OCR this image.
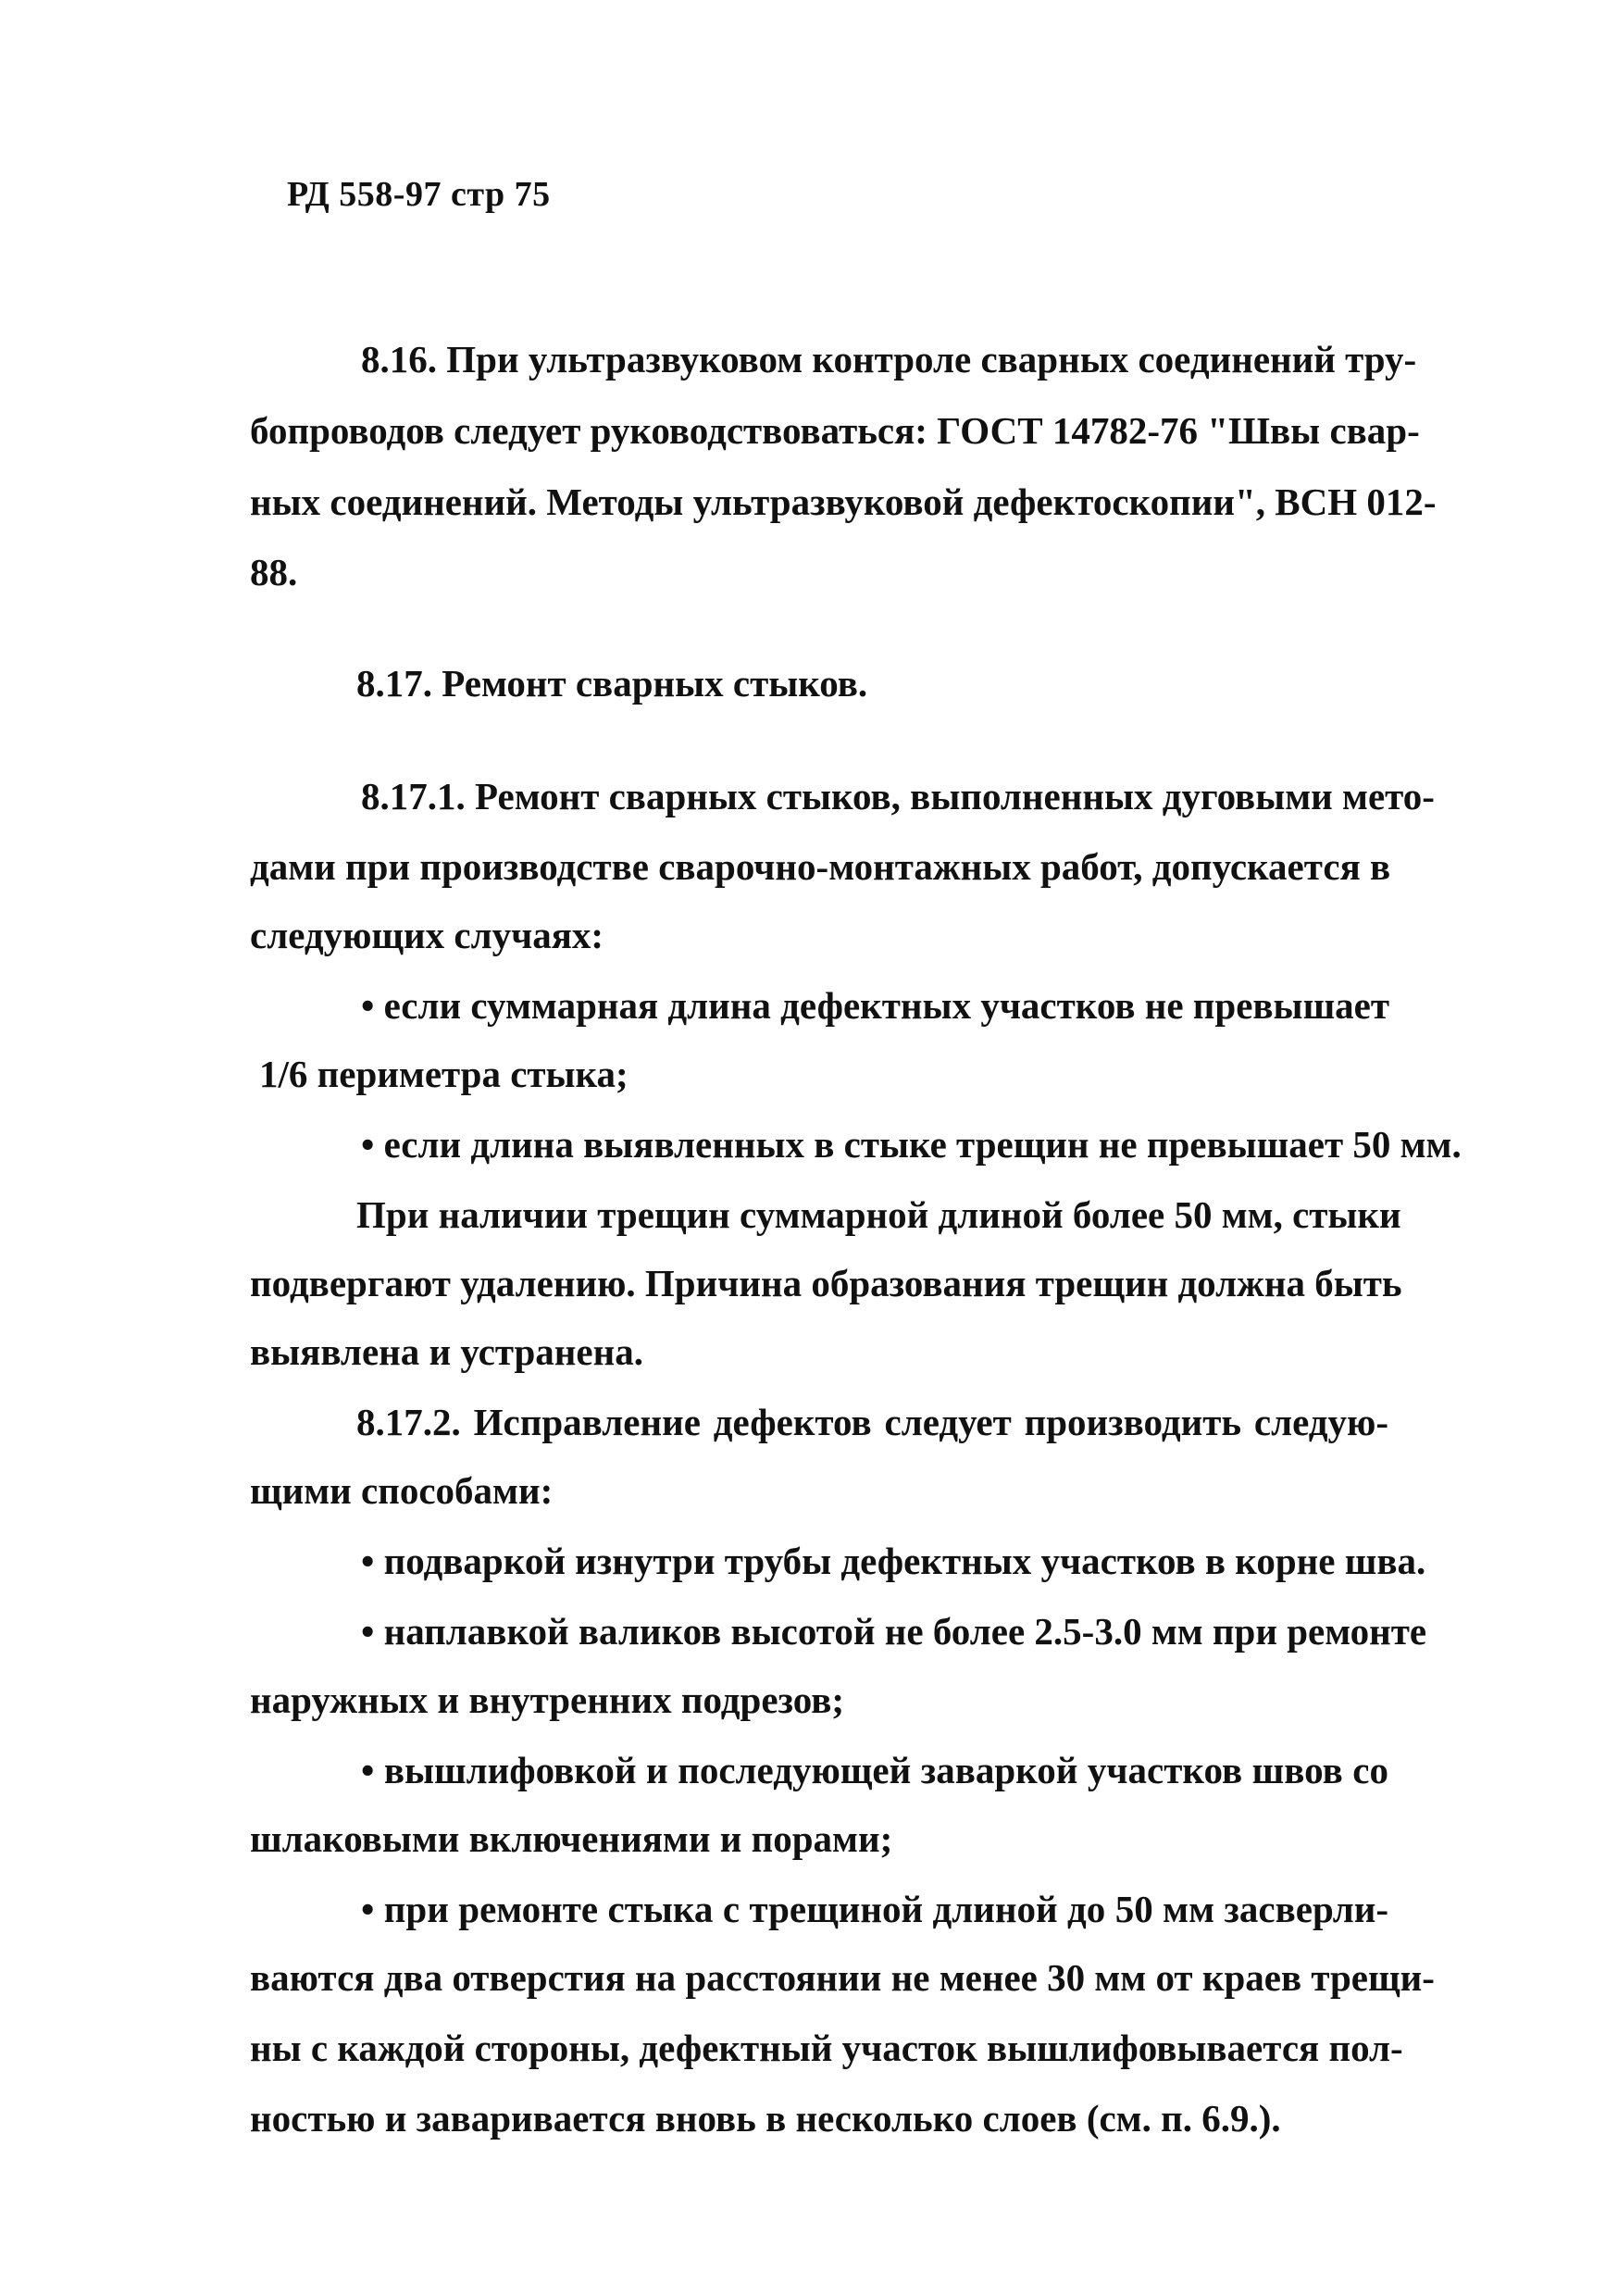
РД 558-97 стр 75
8.16. При ультразвуковом контроле сварных соединений тру-
бопроводов следует руководствоваться: ГОСТ 14782-76 "Швы свар-
ных соединений. Методы ультразвуковой дефектоскопии", ВСН 012-
88.
8.17. Ремонт сварных стыков.
8.17.1. Ремонт сварных стыков, выполненных дуговыми мето-
дами при производстве сварочно-монтажных работ, допускается в
следующих случаях:
• если суммарная длина дефектных участков не превышает
1/6 периметра стыка;
• если длина выявленных в стыке трещин не превышает 50 мм.
При наличии трещин суммарной длиной более 50 мм, стыки
подвергают удалению. Причина образования трещин должна быть
выявлена и устранена.
8.17.2. Исправление дефектов следует производить следую-
щими способами:
• подваркой изнутри трубы дефектных участков в корне шва.
• наплавкой валиков высотой не более 2.5-3.0 мм при ремонте
наружных и внутренних подрезов;
• вышлифовкой и последующей заваркой участков швов со
шлаковыми включениями и порами;
• при ремонте стыка с трещиной длиной до 50 мм засверли-
ваются два отверстия на расстоянии не менее 30 мм от краев трещи-
ны с каждой стороны, дефектный участок вышлифовывается пол-
ностью и заваривается вновь в несколько слоев (см. п. 6.9.).
